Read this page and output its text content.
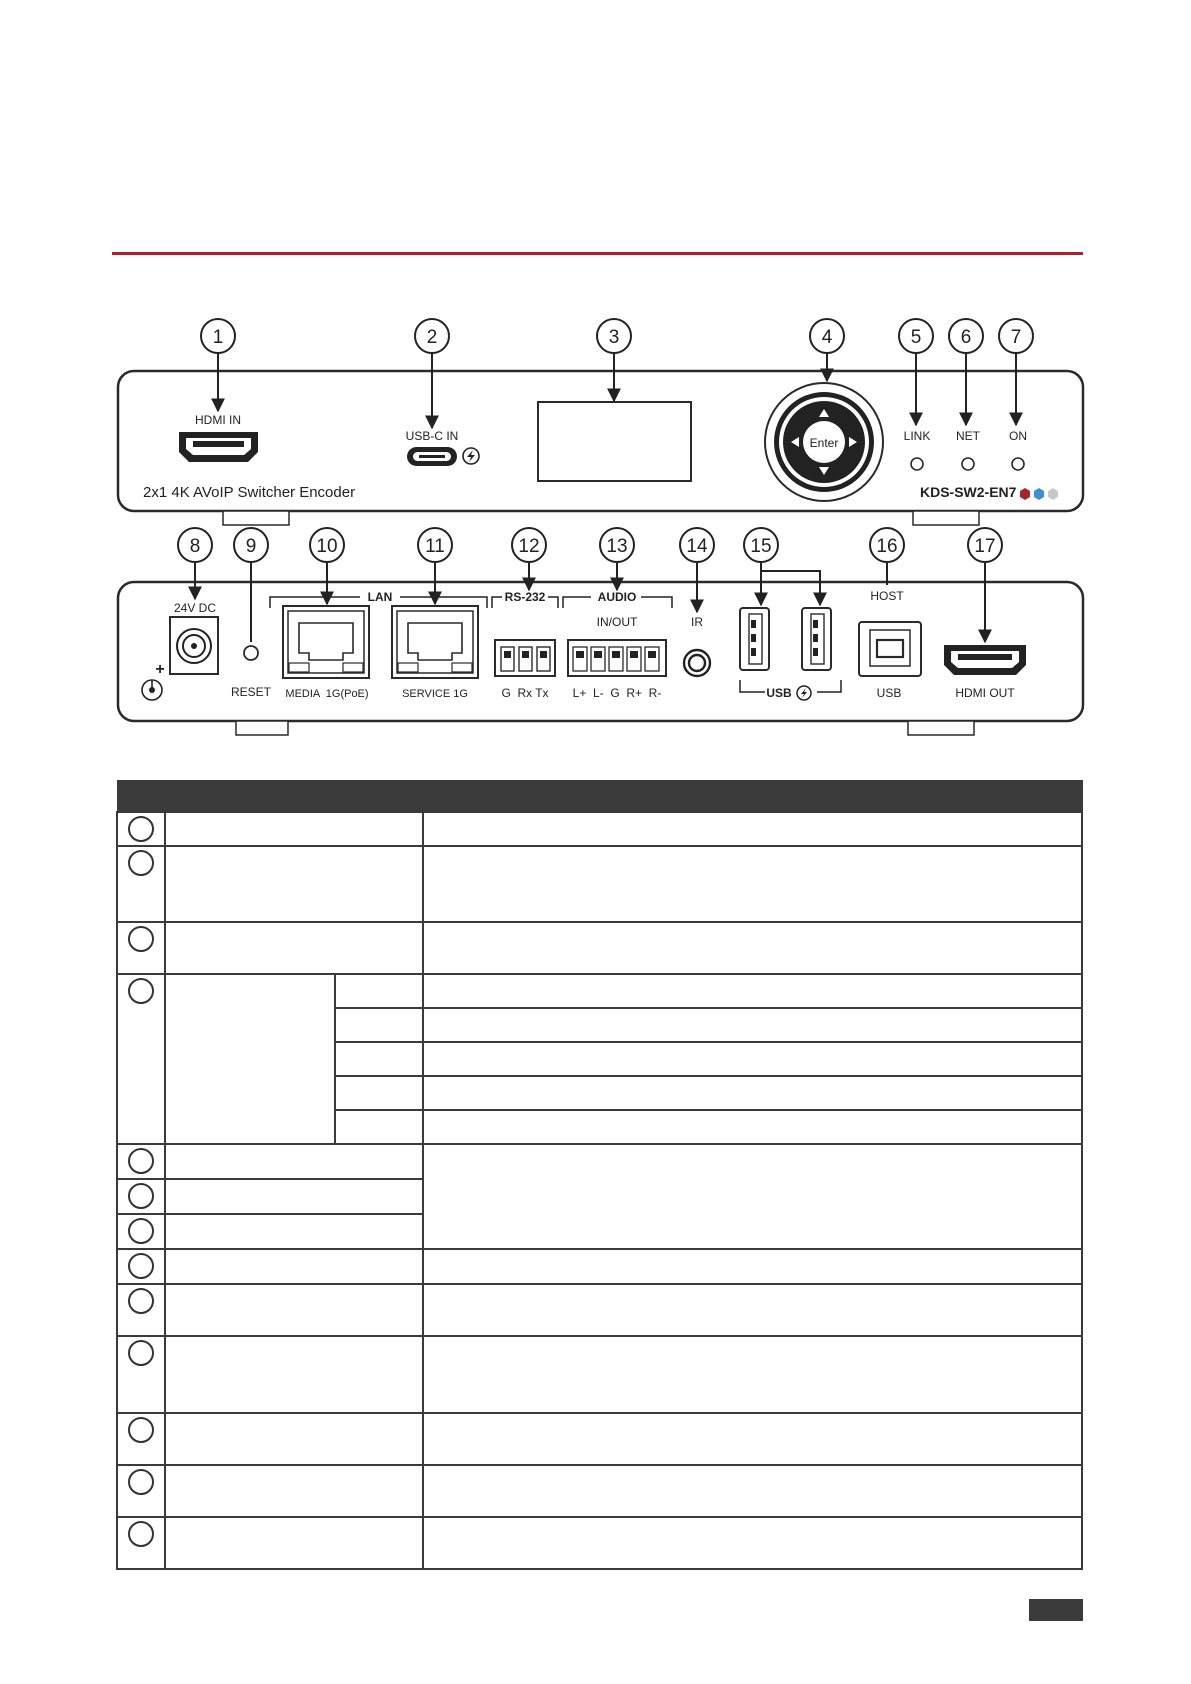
HDMI IN
USB-C IN	Enter	LINK NET ON
2x1 4K AVoIP Switcher Encoder	KDS-SW2-EN7
1	2	3	4	5 6 7
24V DC
+
RESET
LAN
MEDIA  1G(PoE)	SERVICE 1G
RS-232
G  Rx Tx
AUDIO
IN/OUT
L+  L-  G  R+  R-
IR
USB
HOST
USB	HDMI OUT
8 9	10	11	12	13	14 15	16	17
